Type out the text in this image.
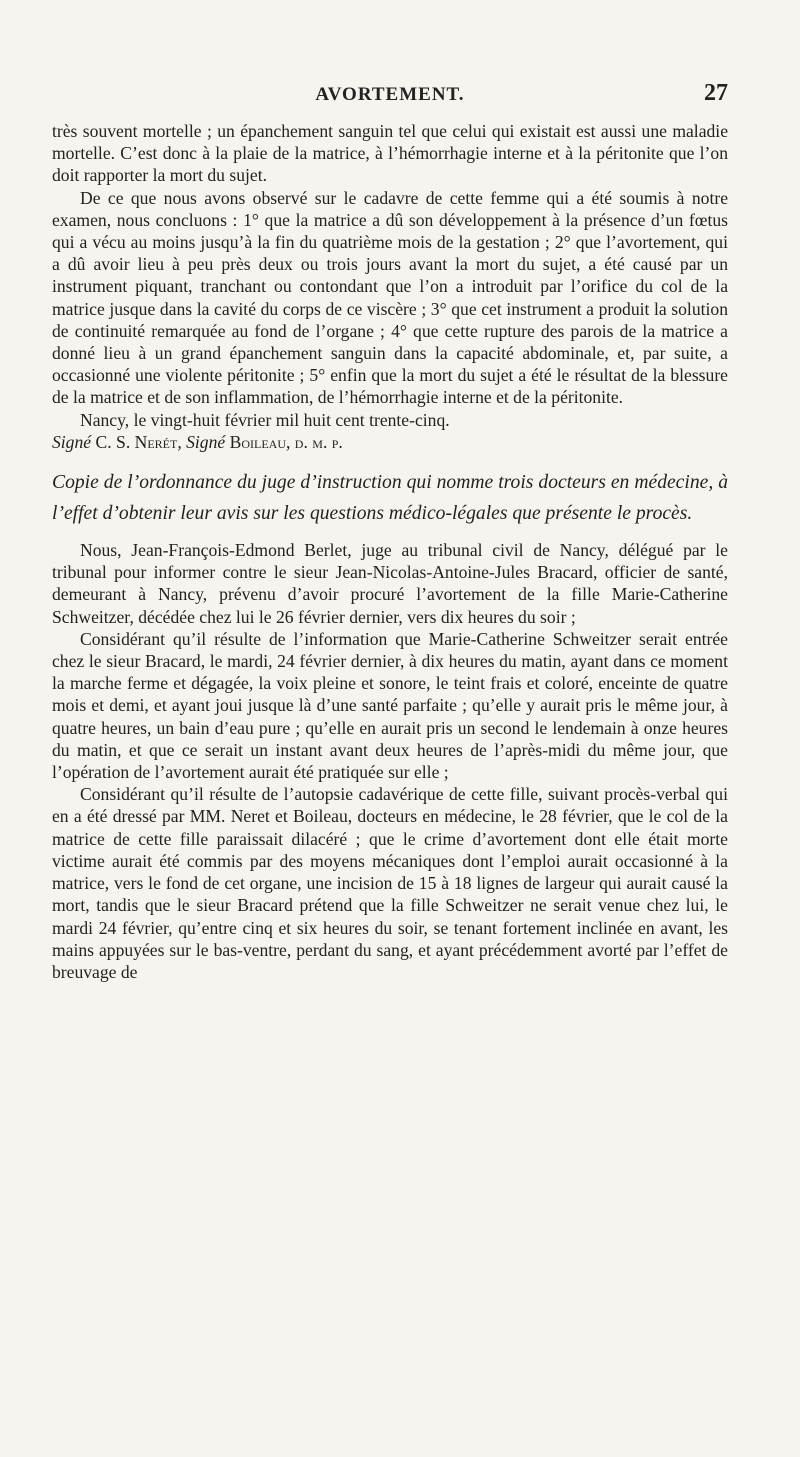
AVORTEMENT.	27

très souvent mortelle ; un épanchement sanguin tel que celui qui existait est aussi une maladie mortelle. C’est donc à la plaie de la matrice, à l’hémorrhagie interne et à la péritonite que l’on doit rapporter la mort du sujet.

De ce que nous avons observé sur le cadavre de cette femme qui a été soumis à notre examen, nous concluons : 1° que la matrice a dû son développement à la présence d’un fœtus qui a vécu au moins jusqu’à la fin du quatrième mois de la gestation ; 2° que l’avortement, qui a dû avoir lieu à peu près deux ou trois jours avant la mort du sujet, a été causé par un instrument piquant, tranchant ou contondant que l’on a introduit par l’orifice du col de la matrice jusque dans la cavité du corps de ce viscère ; 3° que cet instrument a produit la solution de continuité remarquée au fond de l’organe ; 4° que cette rupture des parois de la matrice a donné lieu à un grand épanchement sanguin dans la capacité abdominale, et, par suite, a occasionné une violente péritonite ; 5° enfin que la mort du sujet a été le résultat de la blessure de la matrice et de son inflammation, de l’hémorrhagie interne et de la péritonite.

Nancy, le vingt-huit février mil huit cent trente-cinq.

Signé C. S. Nerét, Signé Boileau, d. m. p.

Copie de l’ordonnance du juge d’instruction qui nomme trois docteurs en médecine, à l’effet d’obtenir leur avis sur les questions médico-légales que présente le procès.

Nous, Jean-François-Edmond Berlet, juge au tribunal civil de Nancy, délégué par le tribunal pour informer contre le sieur Jean-Nicolas-Antoine-Jules Bracard, officier de santé, demeurant à Nancy, prévenu d’avoir procuré l’avortement de la fille Marie-Catherine Schweitzer, décédée chez lui le 26 février dernier, vers dix heures du soir ;

Considérant qu’il résulte de l’information que Marie-Catherine Schweitzer serait entrée chez le sieur Bracard, le mardi, 24 février dernier, à dix heures du matin, ayant dans ce moment la marche ferme et dégagée, la voix pleine et sonore, le teint frais et coloré, enceinte de quatre mois et demi, et ayant joui jusque là d’une santé parfaite ; qu’elle y aurait pris le même jour, à quatre heures, un bain d’eau pure ; qu’elle en aurait pris un second le lendemain à onze heures du matin, et que ce serait un instant avant deux heures de l’après-midi du même jour, que l’opération de l’avortement aurait été pratiquée sur elle ;

Considérant qu’il résulte de l’autopsie cadavérique de cette fille, suivant procès-verbal qui en a été dressé par MM. Neret et Boileau, docteurs en médecine, le 28 février, que le col de la matrice de cette fille paraissait dilacéré ; que le crime d’avortement dont elle était morte victime aurait été commis par des moyens mécaniques dont l’emploi aurait occasionné à la matrice, vers le fond de cet organe, une incision de 15 à 18 lignes de largeur qui aurait causé la mort, tandis que le sieur Bracard prétend que la fille Schweitzer ne serait venue chez lui, le mardi 24 février, qu’entre cinq et six heures du soir, se tenant fortement inclinée en avant, les mains appuyées sur le bas-ventre, perdant du sang, et ayant précédemment avorté par l’effet de breuvage de
